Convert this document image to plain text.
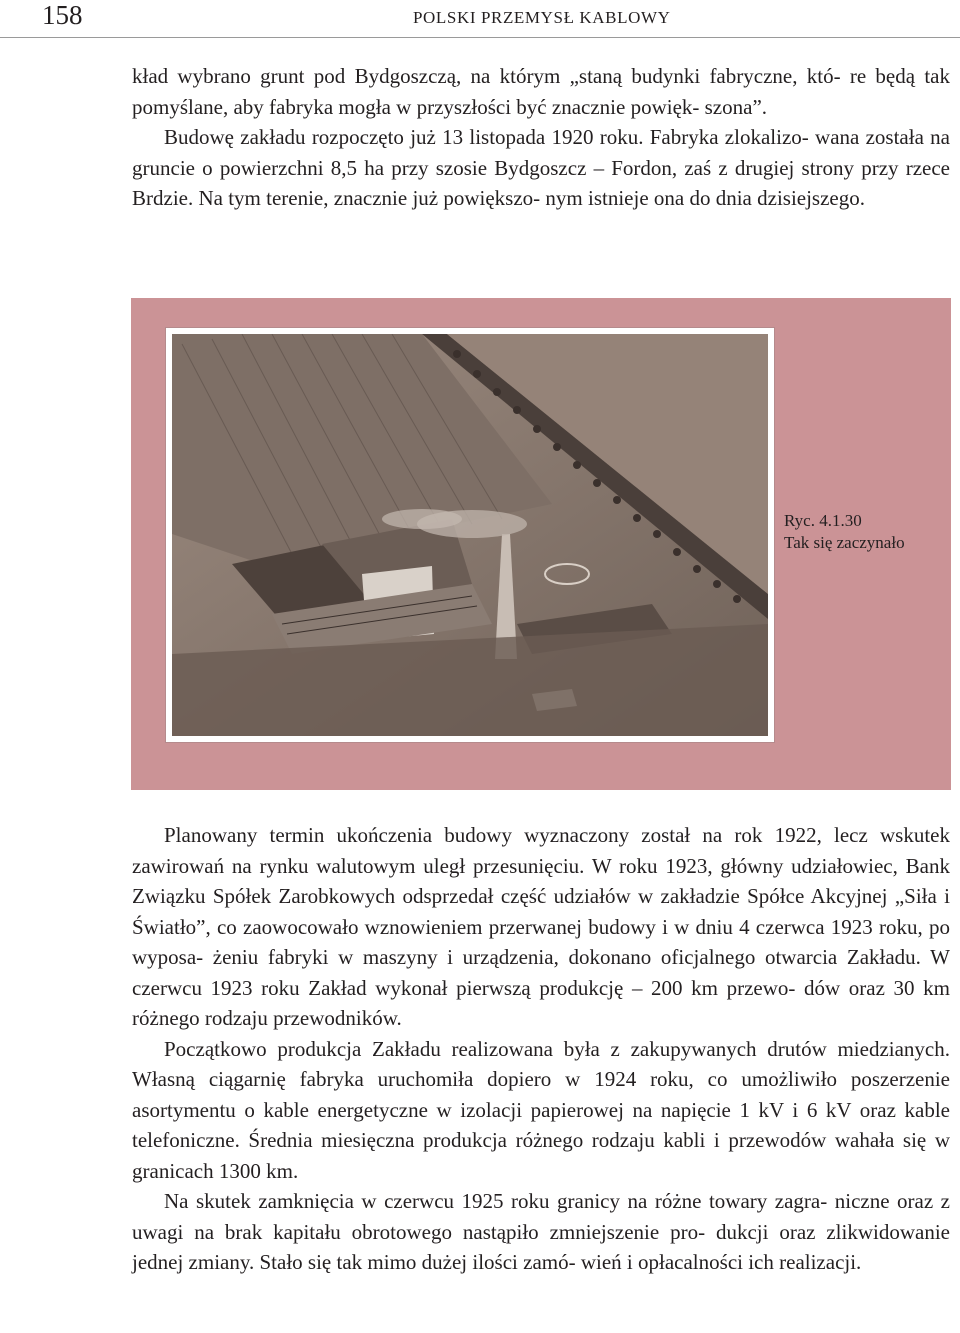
158	POLSKI PRZEMYSŁ KABLOWY

kład wybrano grunt pod Bydgoszczą, na którym „staną budynki fabryczne, któ- re będą tak pomyślane, aby fabryka mogła w przyszłości być znacznie powięk- szona”.

Budowę zakładu rozpoczęto już 13 listopada 1920 roku. Fabryka zlokalizo- wana została na gruncie o powierzchni 8,5 ha przy szosie Bydgoszcz – Fordon, zaś z drugiej strony przy rzece Brdzie. Na tym terenie, znacznie już powiększo- nym istnieje ona do dnia dzisiejszego.

Ryc. 4.1.30
Tak się zaczynało

Planowany termin ukończenia budowy wyznaczony został na rok 1922, lecz wskutek zawirowań na rynku walutowym uległ przesunięciu. W roku 1923, główny udziałowiec, Bank Związku Spółek Zarobkowych odsprzedał część udziałów w zakładzie Spółce Akcyjnej „Siła i Światło”, co zaowocowało wznowieniem przerwanej budowy i w dniu 4 czerwca 1923 roku, po wyposa- żeniu fabryki w maszyny i urządzenia, dokonano oficjalnego otwarcia Zakładu. W czerwcu 1923 roku Zakład wykonał pierwszą produkcję – 200 km przewo- dów oraz 30 km różnego rodzaju przewodników.

Początkowo produkcja Zakładu realizowana była z zakupywanych drutów miedzianych. Własną ciągarnię fabryka uruchomiła dopiero w 1924 roku, co umożliwiło poszerzenie asortymentu o kable energetyczne w izolacji papierowej na napięcie 1 kV i 6 kV oraz kable telefoniczne. Średnia miesięczna produkcja różnego rodzaju kabli i przewodów wahała się w granicach 1300 km.

Na skutek zamknięcia w czerwcu 1925 roku granicy na różne towary zagra- niczne oraz z uwagi na brak kapitału obrotowego nastąpiło zmniejszenie pro- dukcji oraz zlikwidowanie jednej zmiany. Stało się tak mimo dużej ilości zamó- wień i opłacalności ich realizacji.
